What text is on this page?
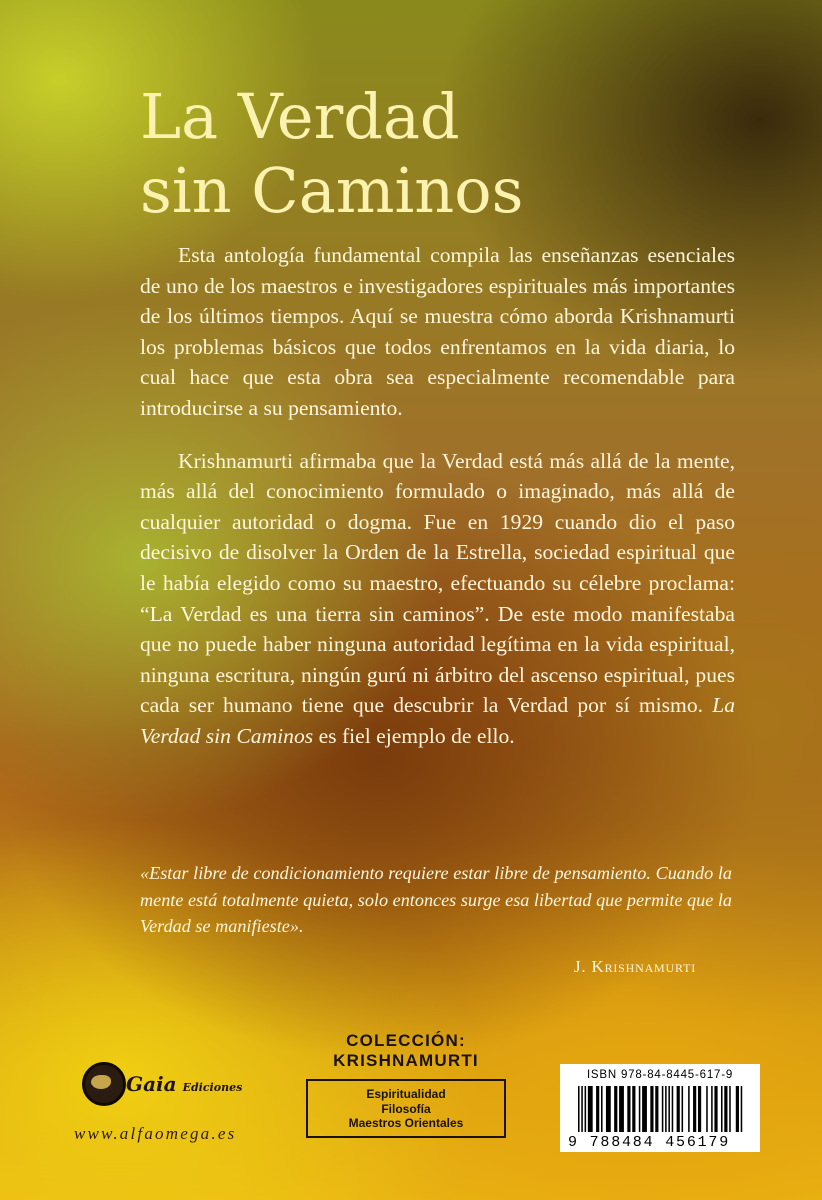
La Verdad
sin Caminos

Esta antología fundamental compila las enseñanzas esenciales de uno de los maestros e investigadores espirituales más importantes de los últimos tiempos. Aquí se muestra cómo aborda Krishnamurti los problemas básicos que todos enfrentamos en la vida diaria, lo cual hace que esta obra sea especialmente recomendable para introducirse a su pensamiento.

Krishnamurti afirmaba que la Verdad está más allá de la mente, más allá del conocimiento formulado o imaginado, más allá de cualquier autoridad o dogma. Fue en 1929 cuando dio el paso decisivo de disolver la Orden de la Estrella, sociedad espiritual que le había elegido como su maestro, efectuando su célebre proclama: “La Verdad es una tierra sin caminos”. De este modo manifestaba que no puede haber ninguna autoridad legítima en la vida espiritual, ninguna escritura, ningún gurú ni árbitro del ascenso espiritual, pues cada ser humano tiene que descubrir la Verdad por sí mismo. La Verdad sin Caminos es fiel ejemplo de ello.

«Estar libre de condicionamiento requiere estar libre de pensamiento. Cuando la mente está totalmente quieta, solo entonces surge esa libertad que permite que la Verdad se manifieste».
J. Krishnamurti
Gaia Ediciones
www.alfaomega.es
COLECCIÓN:
KRISHNAMURTI
Espiritualidad
Filosofía
Maestros Orientales
ISBN 978-84-8445-617-9
9 788484 456179
